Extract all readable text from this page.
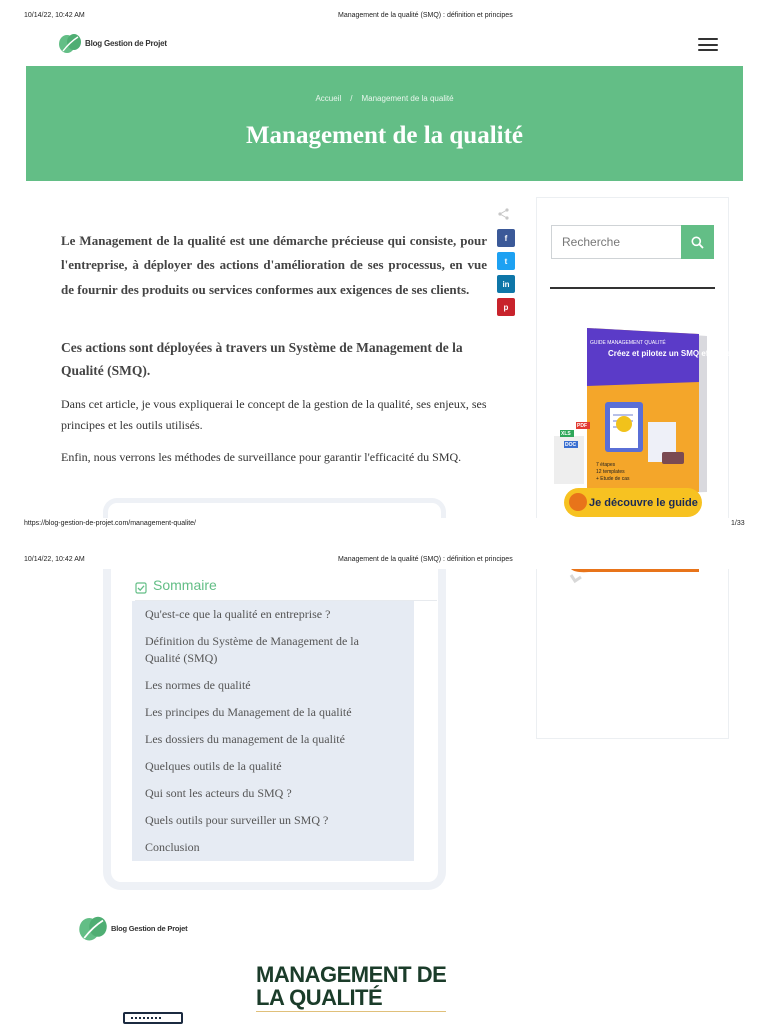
10/14/22, 10:42 AM	Management de la qualité (SMQ) : définition et principes
Blog Gestion de Projet
Accueil / Management de la qualité
Management de la qualité
f
t
in
p

Le Management de la qualité est une démarche précieuse qui consiste, pour l'entreprise, à déployer des actions d'amélioration de ses processus, en vue de fournir des produits ou services conformes aux exigences de ses clients.

Ces actions sont déployées à travers un Système de Management de la Qualité (SMQ).

Dans cet article, je vous expliquerai le concept de la gestion de la qualité, ses enjeux, ses principes et les outils utilisés.

Enfin, nous verrons les méthodes de surveillance pour garantir l'efficacité du SMQ.

Recherche
GUIDE MANAGEMENT QUALITÉ
Créez et pilotez un SMQ efficacement
7 étapes
12 templates
+ Etude de cas
XLS
PDF
DOC
Je découvre le guide
https://blog-gestion-de-projet.com/management-qualite/	1/33
10/14/22, 10:42 AM	Management de la qualité (SMQ) : définition et principes
Sommaire
Qu'est-ce que la qualité en entreprise ?
Définition du Système de Management de la Qualité (SMQ)
Les normes de qualité
Les principes du Management de la qualité
Les dossiers du management de la qualité
Quelques outils de la qualité
Qui sont les acteurs du SMQ ?
Quels outils pour surveiller un SMQ ?
Conclusion
Blog Gestion de Projet
MANAGEMENT DE
LA QUALITÉ
